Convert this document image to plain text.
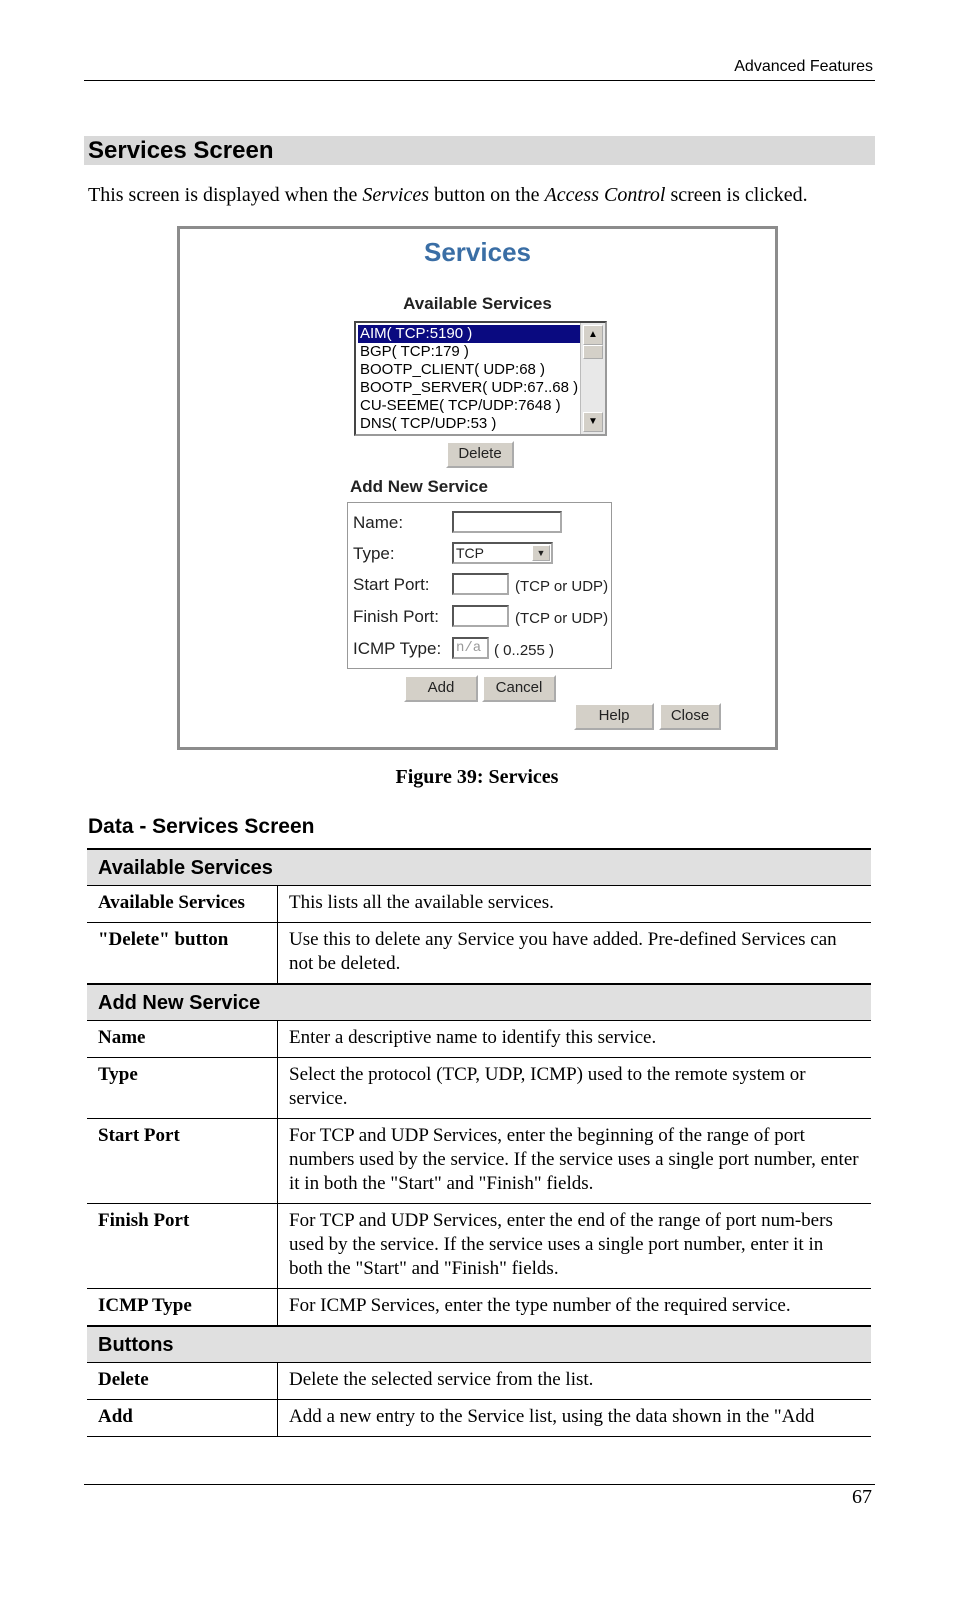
Advanced Features
Services Screen
This screen is displayed when the Services button on the Access Control screen is clicked.
Services
Available Services
AIM( TCP:5190 )
BGP( TCP:179 )
BOOTP_CLIENT( UDP:68 )
BOOTP_SERVER( UDP:67..68 )
CU-SEEME( TCP/UDP:7648 )
DNS( TCP/UDP:53 )
▲
▼
Delete
Add New Service
Name:
Type:	TCP	▼
Start Port:	(TCP or UDP)
Finish Port:	(TCP or UDP)
ICMP Type: n/a ( 0..255 )
Add	Cancel
Help	Close
Figure 39: Services
Data - Services Screen
Available Services	
Available Services	This lists all the available services.
"Delete" button	Use this to delete any Service you have added. Pre-defined Services can not be deleted.
Add New Service	
Name	Enter a descriptive name to identify this service.
Type	Select the protocol (TCP, UDP, ICMP) used to the remote system or service.
Start Port	For TCP and UDP Services, enter the beginning of the range of port numbers used by the service. If the service uses a single port number, enter it in both the "Start" and "Finish" fields.
Finish Port	For TCP and UDP Services, enter the end of the range of port num-bers used by the service. If the service uses a single port number, enter it in both the "Start" and "Finish" fields.
ICMP Type	For ICMP Services, enter the type number of the required service.
Buttons	
Delete	Delete the selected service from the list.
Add	Add a new entry to the Service list, using the data shown in the "Add
67
